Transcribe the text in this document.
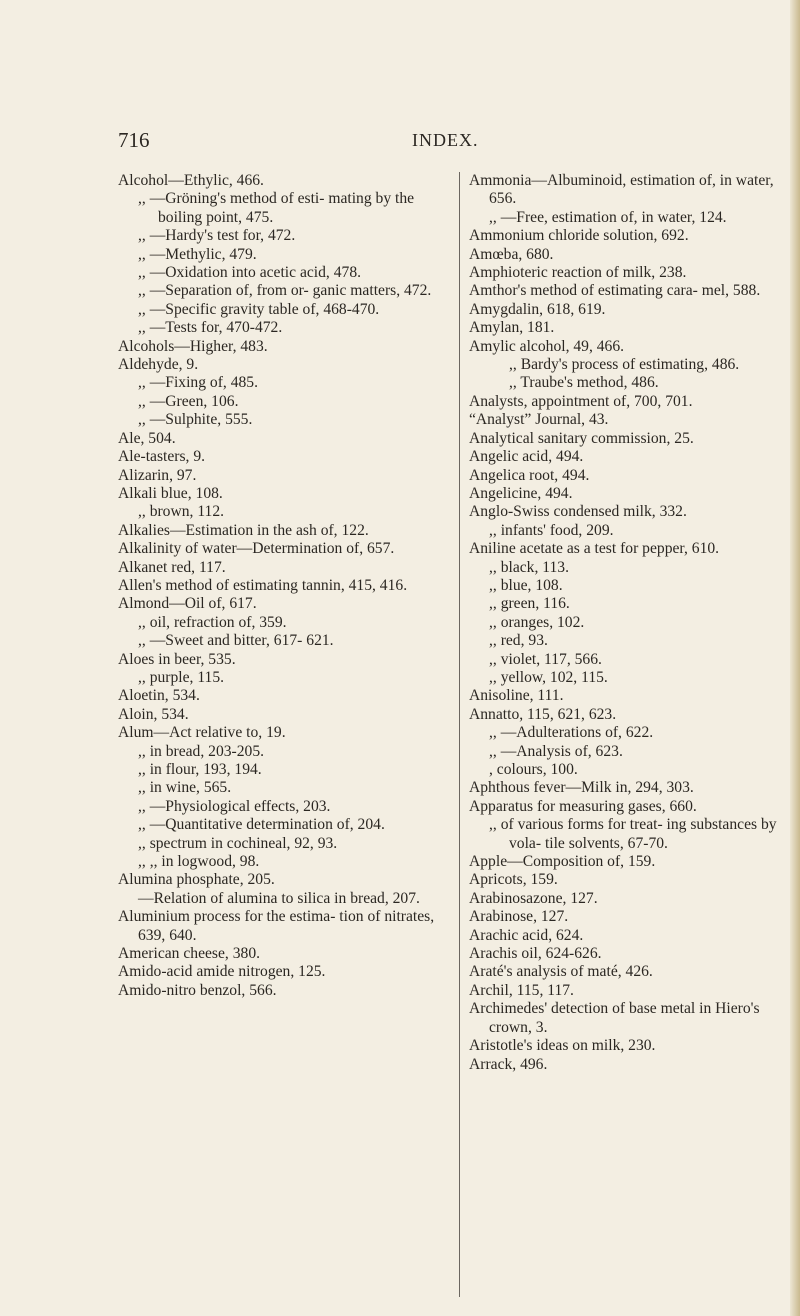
716	INDEX.

Alcohol—Ethylic, 466.

,, —Gröning's method of esti- mating by the boiling point, 475.

,, —Hardy's test for, 472.

,, —Methylic, 479.

,, —Oxidation into acetic acid, 478.

,, —Separation of, from or- ganic matters, 472.

,, —Specific gravity table of, 468-470.

,, —Tests for, 470-472.

Alcohols—Higher, 483.

Aldehyde, 9.

,, —Fixing of, 485.

,, —Green, 106.

,, —Sulphite, 555.

Ale, 504.

Ale-tasters, 9.

Alizarin, 97.

Alkali blue, 108.

,, brown, 112.

Alkalies—Estimation in the ash of, 122.

Alkalinity of water—Determination of, 657.

Alkanet red, 117.

Allen's method of estimating tannin, 415, 416.

Almond—Oil of, 617.

,, oil, refraction of, 359.

,, —Sweet and bitter, 617- 621.

Aloes in beer, 535.

,, purple, 115.

Aloetin, 534.

Aloin, 534.

Alum—Act relative to, 19.

,, in bread, 203-205.

,, in flour, 193, 194.

,, in wine, 565.

,, —Physiological effects, 203.

,, —Quantitative determination of, 204.

,, spectrum in cochineal, 92, 93.

,, ,, in logwood, 98.

Alumina phosphate, 205.

—Relation of alumina to silica in bread, 207.

Aluminium process for the estima- tion of nitrates, 639, 640.

American cheese, 380.

Amido-acid amide nitrogen, 125.

Amido-nitro benzol, 566.

Ammonia—Albuminoid, estimation of, in water, 656.

,, —Free, estimation of, in water, 124.

Ammonium chloride solution, 692.

Amœba, 680.

Amphioteric reaction of milk, 238.

Amthor's method of estimating cara- mel, 588.

Amygdalin, 618, 619.

Amylan, 181.

Amylic alcohol, 49, 466.

,, Bardy's process of estimating, 486.

,, Traube's method, 486.

Analysts, appointment of, 700, 701.

“Analyst” Journal, 43.

Analytical sanitary commission, 25.

Angelic acid, 494.

Angelica root, 494.

Angelicine, 494.

Anglo-Swiss condensed milk, 332.

,, infants' food, 209.

Aniline acetate as a test for pepper, 610.

,, black, 113.

,, blue, 108.

,, green, 116.

,, oranges, 102.

,, red, 93.

,, violet, 117, 566.

,, yellow, 102, 115.

Anisoline, 111.

Annatto, 115, 621, 623.

,, —Adulterations of, 622.

,, —Analysis of, 623.

, colours, 100.

Aphthous fever—Milk in, 294, 303.

Apparatus for measuring gases, 660.

,, of various forms for treat- ing substances by vola- tile solvents, 67-70.

Apple—Composition of, 159.

Apricots, 159.

Arabinosazone, 127.

Arabinose, 127.

Arachic acid, 624.

Arachis oil, 624-626.

Araté's analysis of maté, 426.

Archil, 115, 117.

Archimedes' detection of base metal in Hiero's crown, 3.

Aristotle's ideas on milk, 230.

Arrack, 496.
